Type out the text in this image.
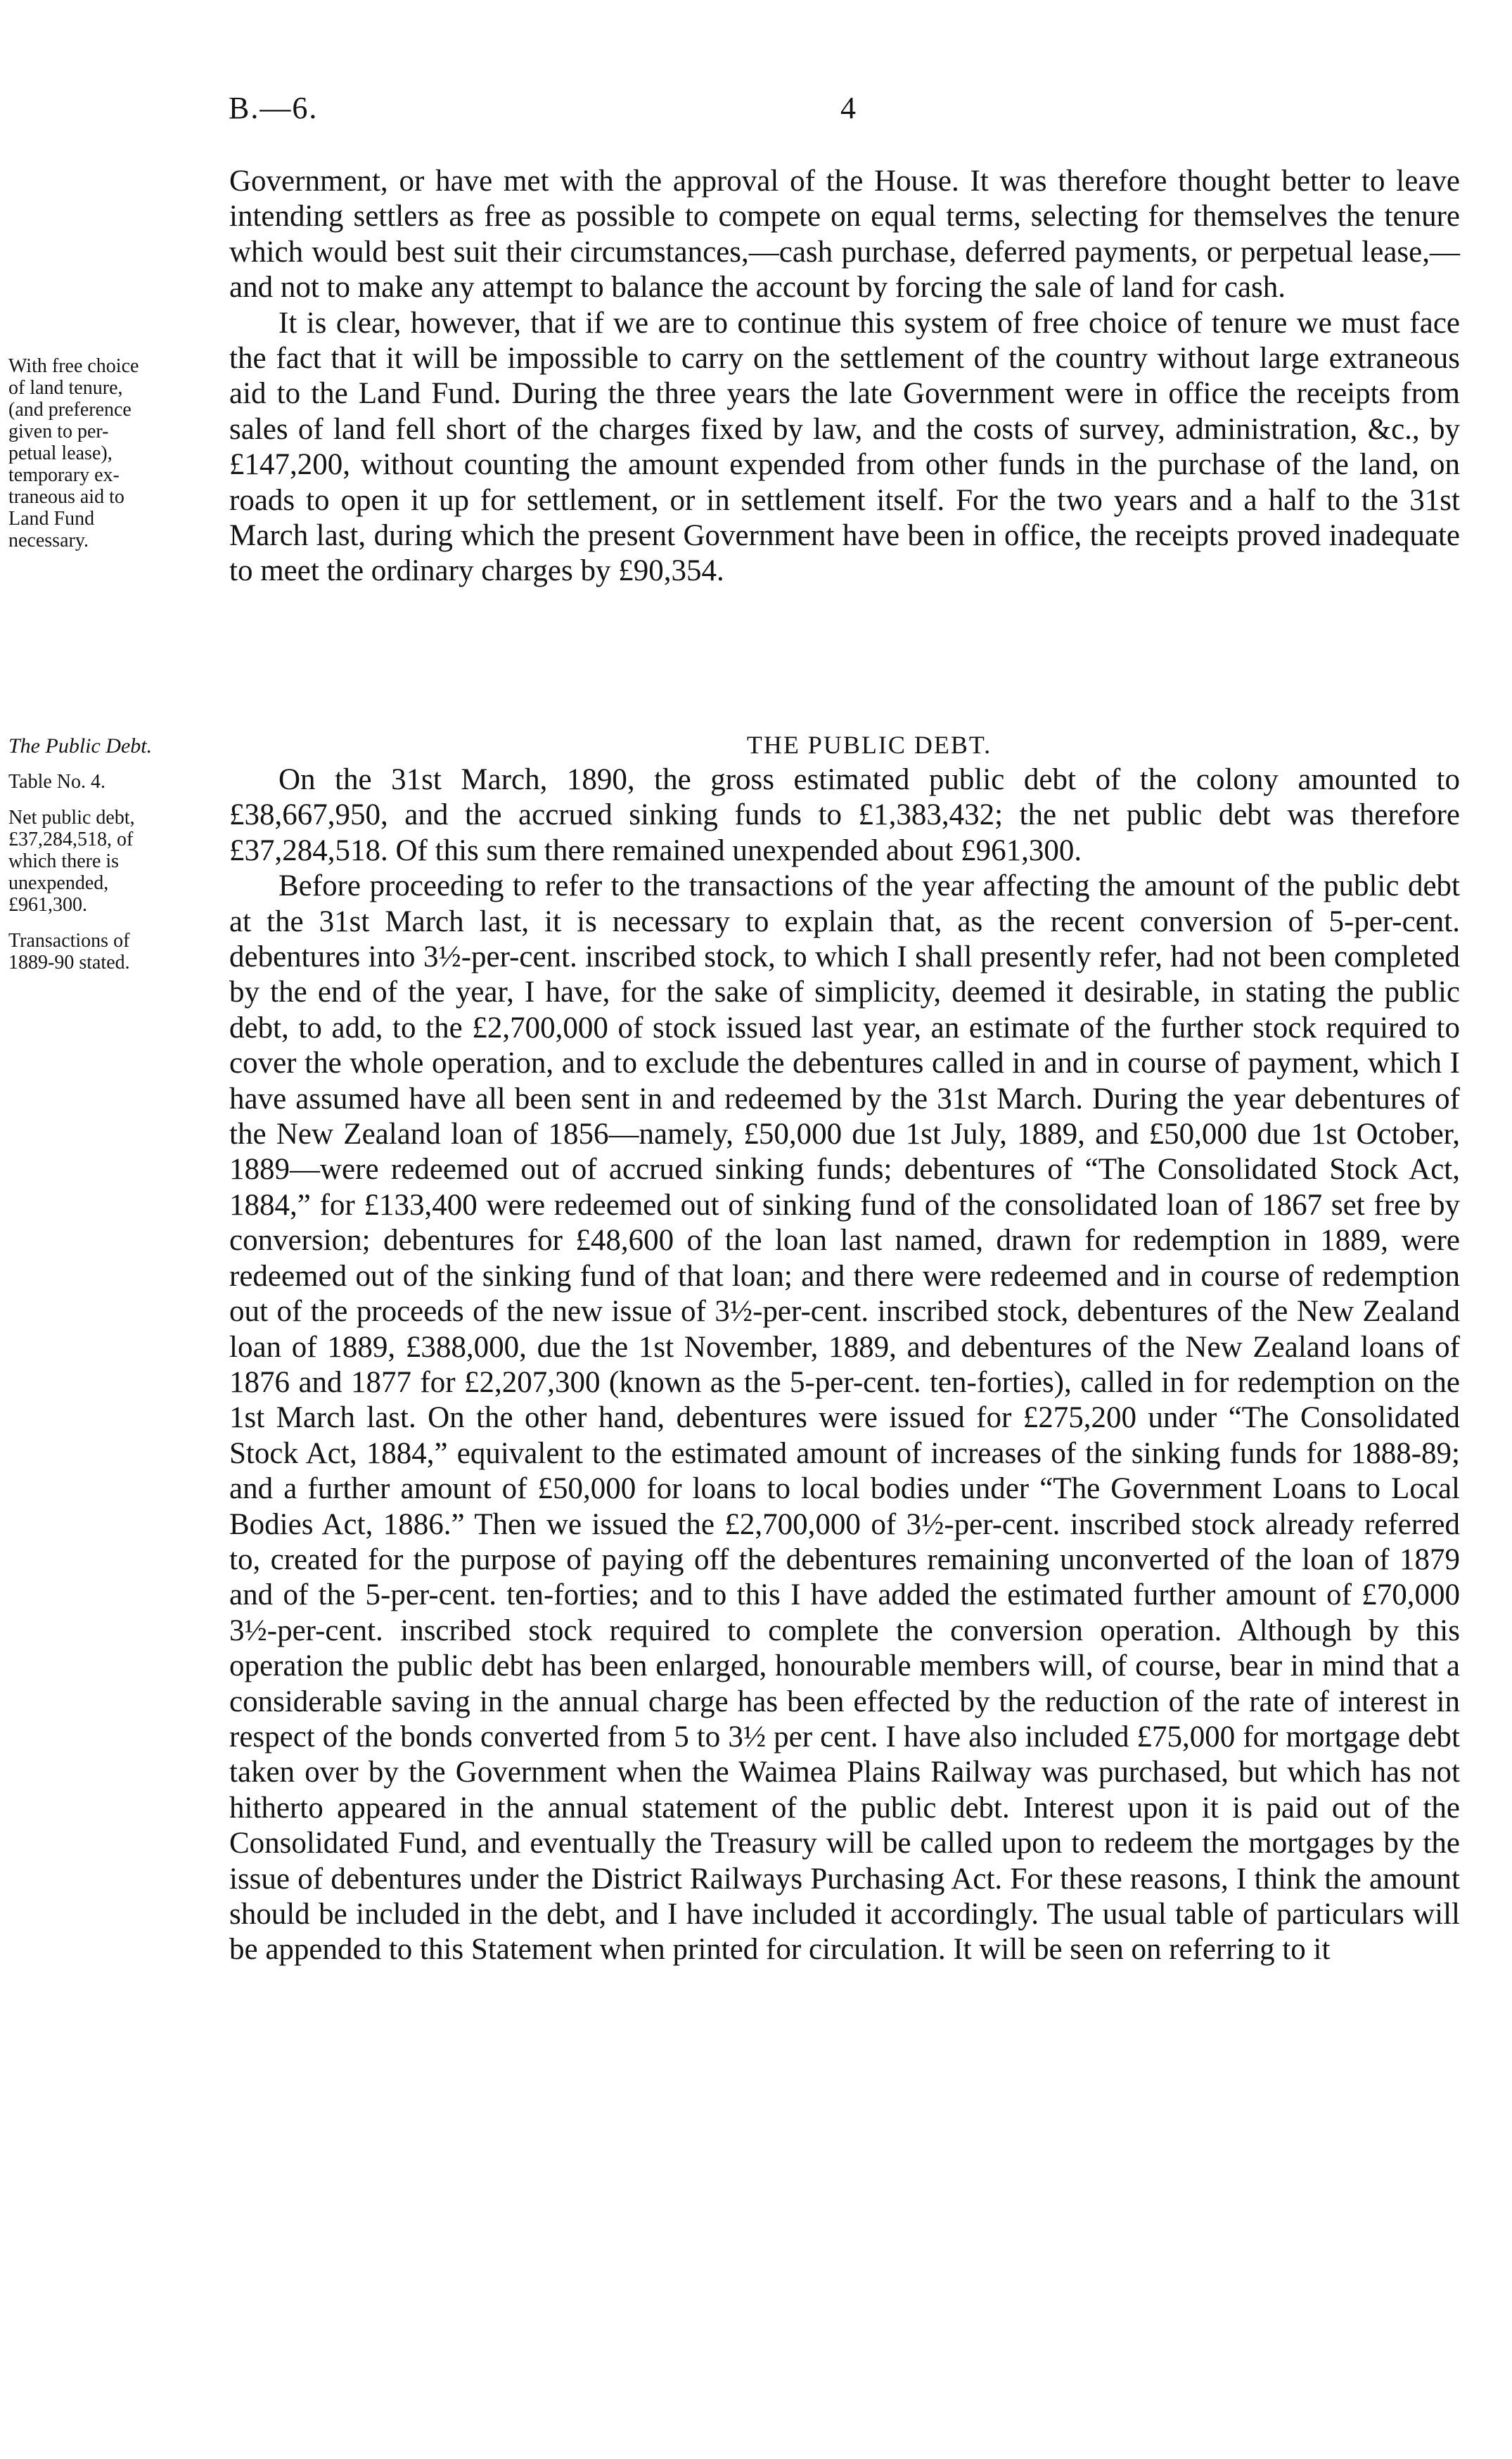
B.—6.	4
With free choice
of land tenure,
(and preference
given to per-
petual lease),
temporary ex-
traneous aid to
Land Fund
necessary.
The Public Debt.
Table No. 4.
Net public debt,
£37,284,518, of
which there is
unexpended,
£961,300.
Transactions of
1889-90 stated.

Government, or have met with the approval of the House. It was therefore thought better to leave intending settlers as free as possible to compete on equal terms, selecting for themselves the tenure which would best suit their circumstances,—cash purchase, deferred payments, or perpetual lease,—and not to make any attempt to balance the account by forcing the sale of land for cash.

It is clear, however, that if we are to continue this system of free choice of tenure we must face the fact that it will be impossible to carry on the settlement of the country without large extraneous aid to the Land Fund. During the three years the late Government were in office the receipts from sales of land fell short of the charges fixed by law, and the costs of survey, administration, &c., by £147,200, without counting the amount expended from other funds in the purchase of the land, on roads to open it up for settlement, or in settlement itself. For the two years and a half to the 31st March last, during which the present Government have been in office, the receipts proved inadequate to meet the ordinary charges by £90,354.

THE PUBLIC DEBT.

On the 31st March, 1890, the gross estimated public debt of the colony amounted to £38,667,950, and the accrued sinking funds to £1,383,432; the net public debt was therefore £37,284,518. Of this sum there remained unexpended about £961,300.

Before proceeding to refer to the transactions of the year affecting the amount of the public debt at the 31st March last, it is necessary to explain that, as the recent conversion of 5-per-cent. debentures into 3½-per-cent. inscribed stock, to which I shall presently refer, had not been completed by the end of the year, I have, for the sake of simplicity, deemed it desirable, in stating the public debt, to add, to the £2,700,000 of stock issued last year, an estimate of the further stock required to cover the whole operation, and to exclude the debentures called in and in course of payment, which I have assumed have all been sent in and redeemed by the 31st March. During the year debentures of the New Zealand loan of 1856—namely, £50,000 due 1st July, 1889, and £50,000 due 1st October, 1889—were redeemed out of accrued sinking funds; debentures of “The Consolidated Stock Act, 1884,” for £133,400 were redeemed out of sinking fund of the consolidated loan of 1867 set free by conversion; debentures for £48,600 of the loan last named, drawn for redemption in 1889, were redeemed out of the sinking fund of that loan; and there were redeemed and in course of redemption out of the proceeds of the new issue of 3½-per-cent. inscribed stock, debentures of the New Zealand loan of 1889, £388,000, due the 1st November, 1889, and debentures of the New Zealand loans of 1876 and 1877 for £2,207,300 (known as the 5-per-cent. ten-forties), called in for redemption on the 1st March last. On the other hand, debentures were issued for £275,200 under “The Consolidated Stock Act, 1884,” equivalent to the estimated amount of increases of the sinking funds for 1888-89; and a further amount of £50,000 for loans to local bodies under “The Government Loans to Local Bodies Act, 1886.” Then we issued the £2,700,000 of 3½-per-cent. inscribed stock already referred to, created for the purpose of paying off the debentures remaining unconverted of the loan of 1879 and of the 5-per-cent. ten-forties; and to this I have added the estimated further amount of £70,000 3½-per-cent. inscribed stock required to complete the conversion operation. Although by this operation the public debt has been enlarged, honourable members will, of course, bear in mind that a considerable saving in the annual charge has been effected by the reduction of the rate of interest in respect of the bonds converted from 5 to 3½ per cent. I have also included £75,000 for mortgage debt taken over by the Government when the Waimea Plains Railway was purchased, but which has not hitherto appeared in the annual statement of the public debt. Interest upon it is paid out of the Consolidated Fund, and eventually the Treasury will be called upon to redeem the mortgages by the issue of debentures under the District Railways Purchasing Act. For these reasons, I think the amount should be included in the debt, and I have included it accordingly. The usual table of particulars will be appended to this Statement when printed for circulation. It will be seen on referring to it
